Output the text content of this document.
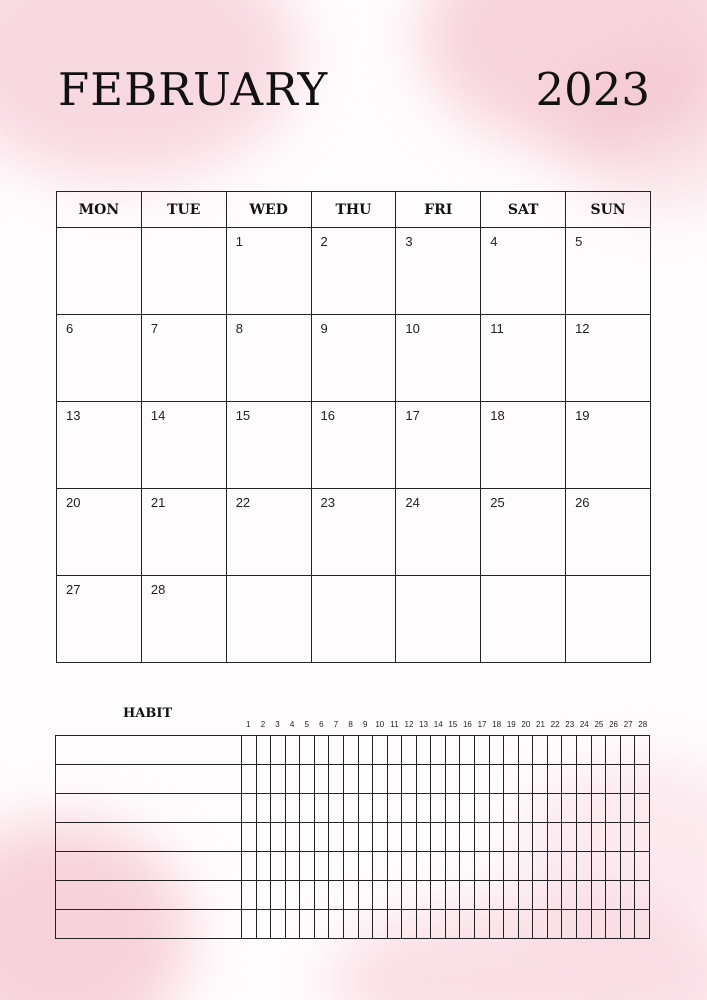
FEBRUARY	2023
MON	TUE	WED	THU	FRI	SAT	SUN

		1	2	3	4	5

6	7	8	9	10	11	12

13	14	15	16	17	18	19

20	21	22	23	24	25	26

27	28					

HABIT
1	2	3	4	5	6	7	8	9 10 11 12 13 14 15 16 17 18 19 20 21 22 23 24 25 26 27 28
